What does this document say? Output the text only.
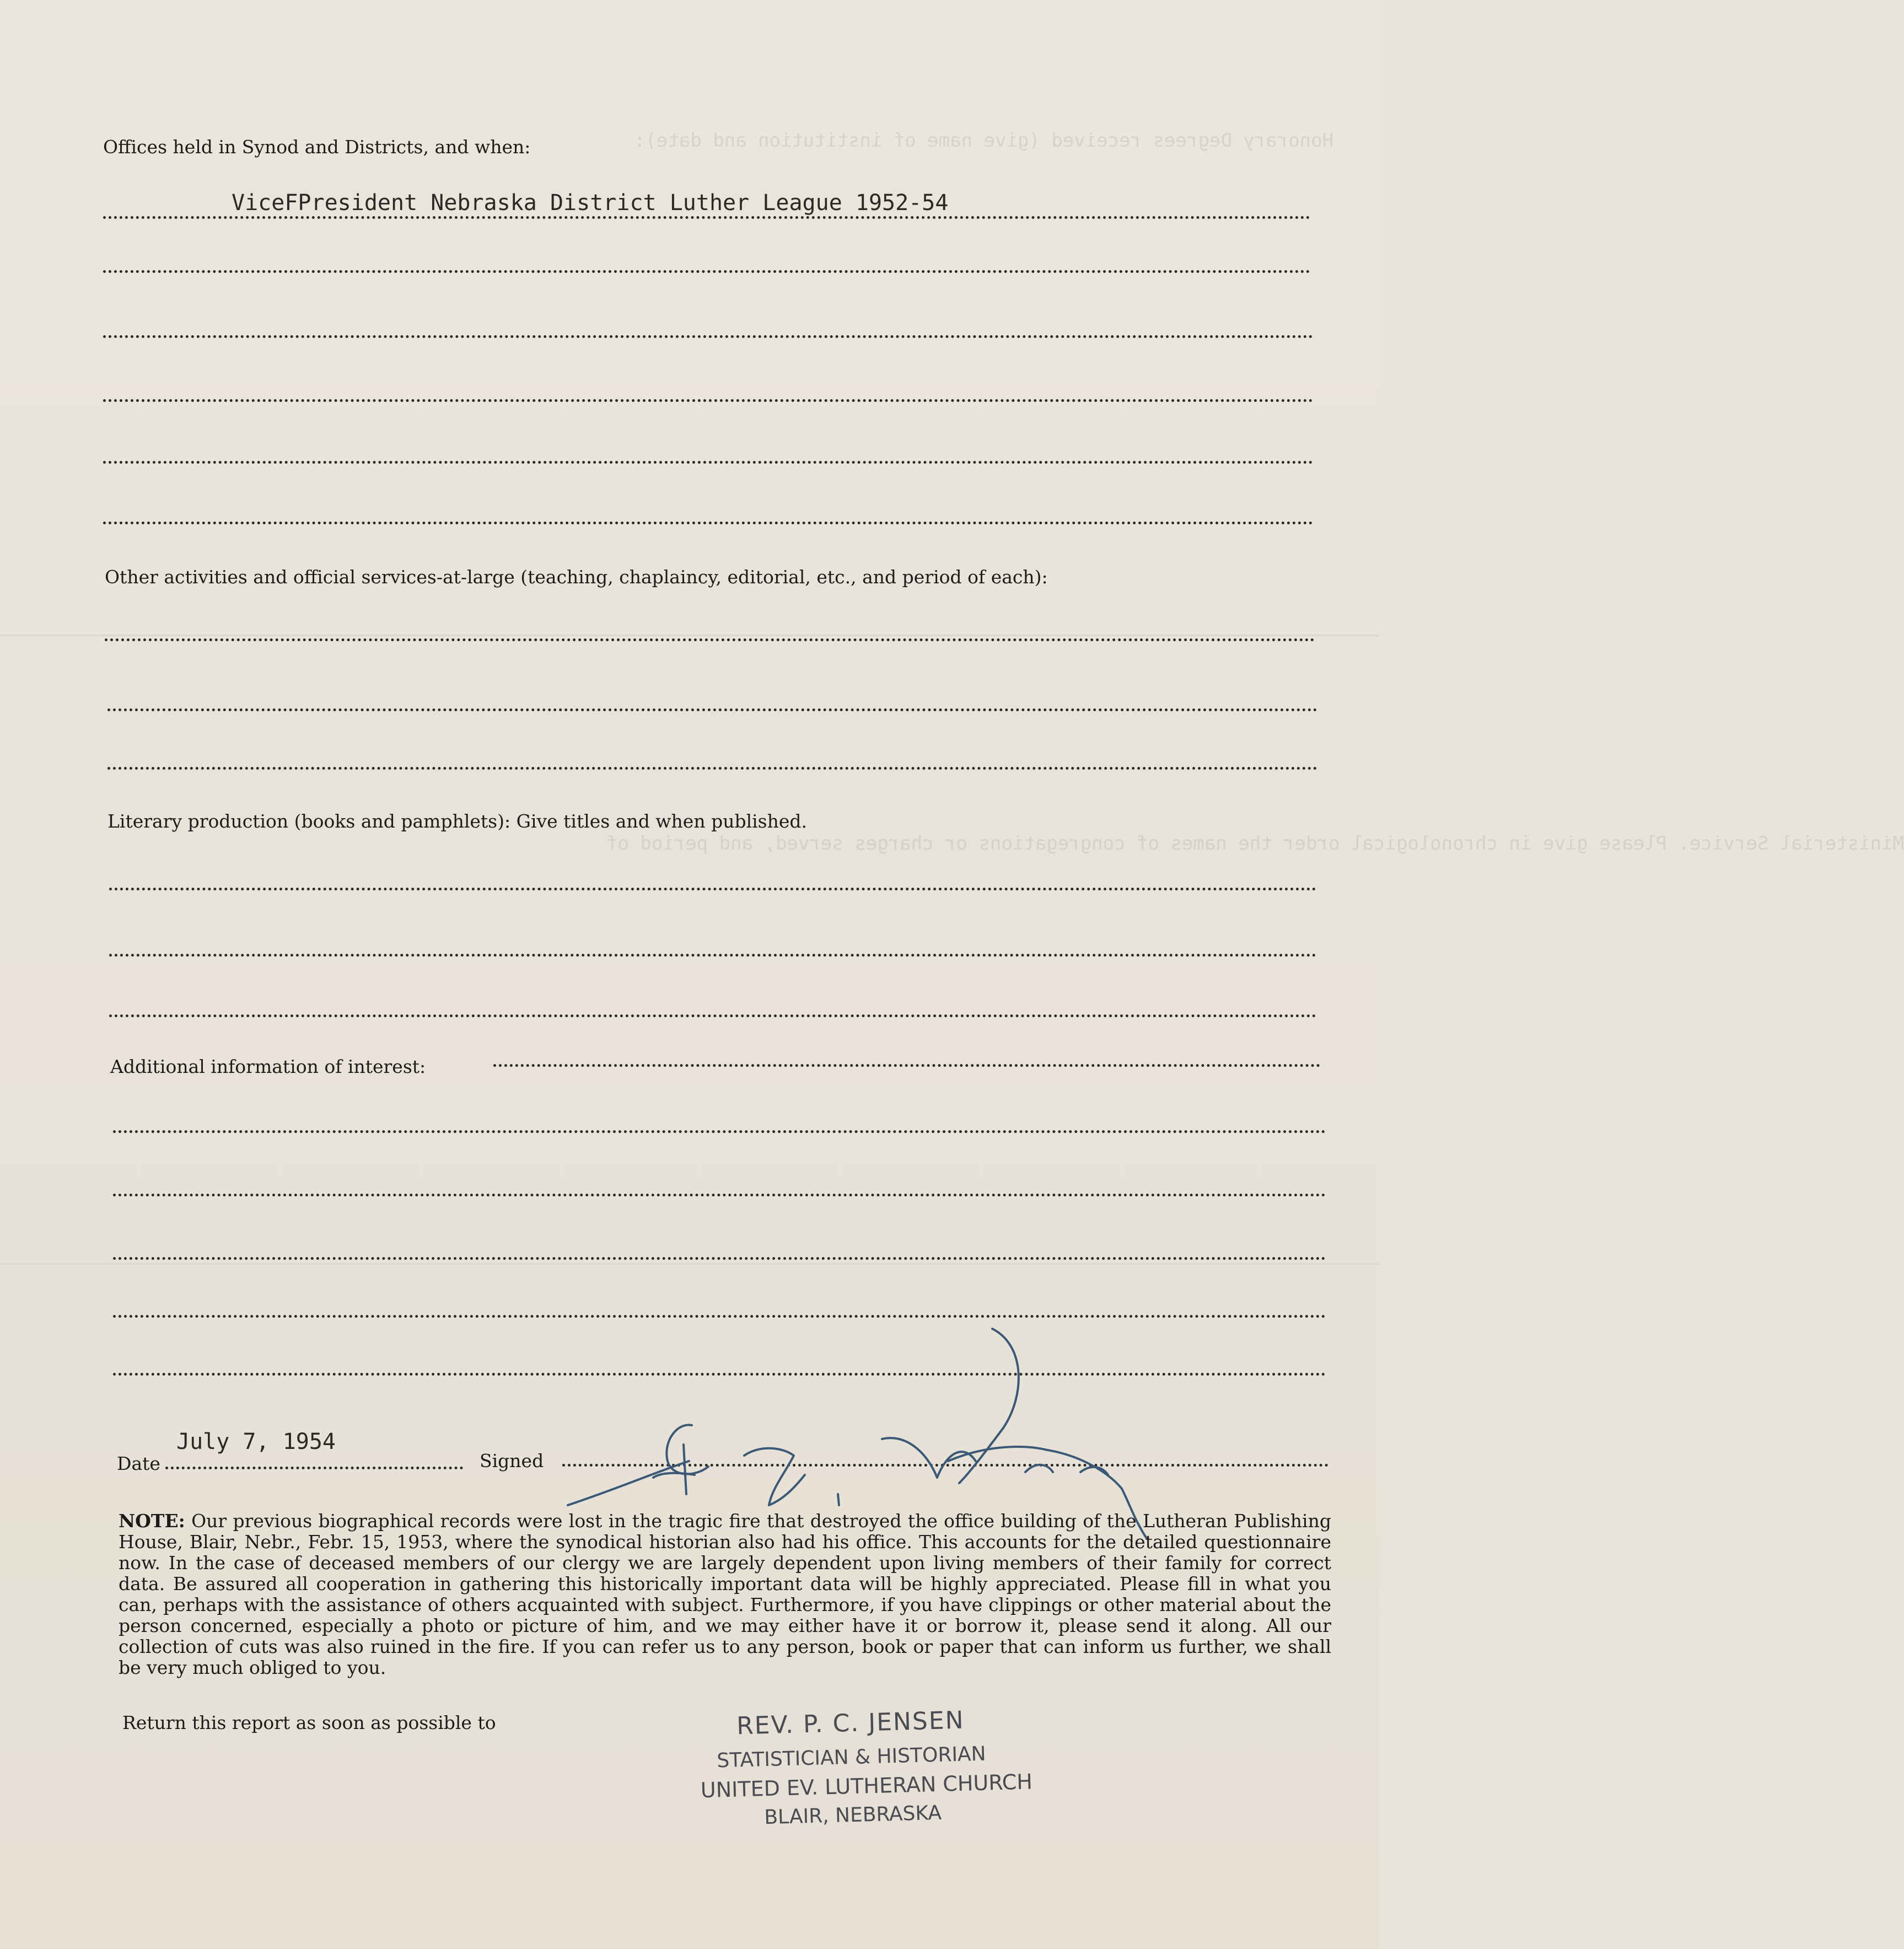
Honorary Degrees received (give name of institution and date):
Ministerial Service. Please give in chronological order the names of congregations or charges served, and period of
Offices held in Synod and Districts, and when:
ViceFPresident Nebraska District Luther League 1952-54
Other activities and official services-at-large (teaching, chaplaincy, editorial, etc., and period of each):
Literary production (books and pamphlets): Give titles and when published.
Additional information of interest:
Date
July 7, 1954
Signed
NOTE: Our previous biographical records were lost in the tragic fire that destroyed the office building of the Lutheran Publishing House, Blair, Nebr., Febr. 15, 1953, where the synodical historian also had his office. This accounts for the detailed questionnaire now. In the case of deceased members of our clergy we are largely dependent upon living members of their family for correct data. Be assured all cooperation in gathering this historically important data will be highly appreciated. Please fill in what you can, perhaps with the assistance of others acquainted with subject. Furthermore, if you have clippings or other material about the person concerned, especially a photo or picture of him, and we may either have it or borrow it, please send it along. All our collection of cuts was also ruined in the fire. If you can refer us to any person, book or paper that can inform us further, we shall be very much obliged to you.
Return this report as soon as possible to	REV. P. C. JENSEN
STATISTICIAN & HISTORIAN
UNITED EV. LUTHERAN CHURCH
BLAIR, NEBRASKA
